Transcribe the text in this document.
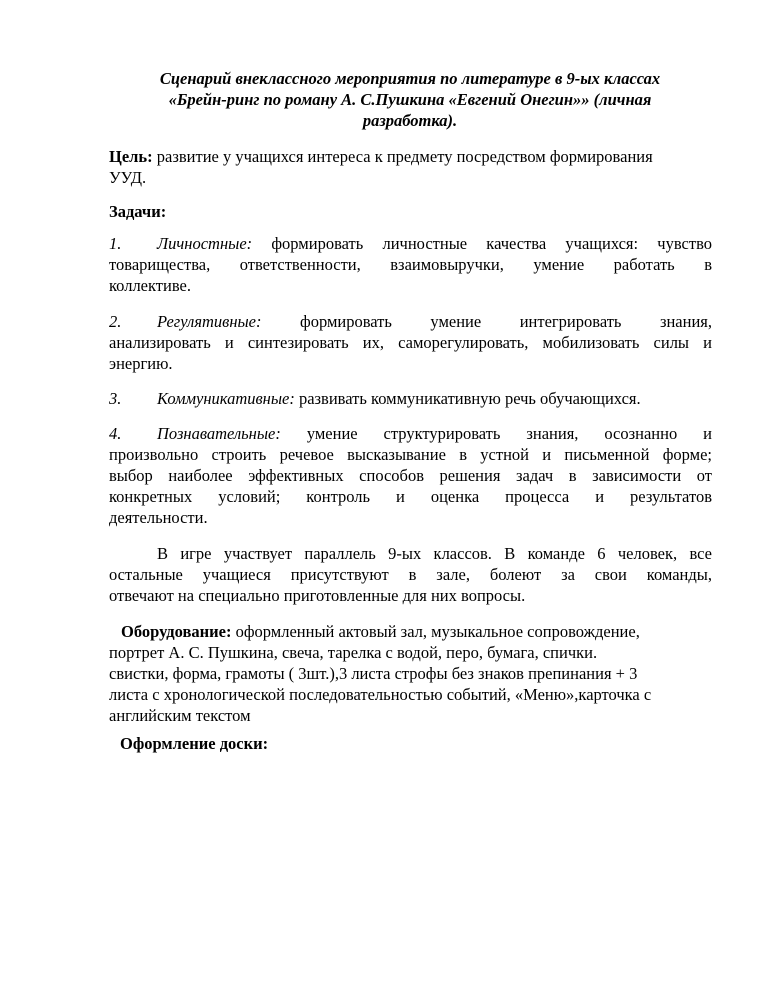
Сценарий внеклассного мероприятия по литературе в 9-ых классах
«Брейн-ринг по роману А. С.Пушкина «Евгений Онегин»» (личная
разработка).
Цель: развитие у учащихся интереса к предмету посредством формирования
УУД.
Задачи:
1. Личностные: формировать личностные качества учащихся: чувство
товарищества, ответственности, взаимовыручки, умение работать в
коллективе.
2. Регулятивные: формировать умение интегрировать знания,
анализировать и синтезировать их, саморегулировать, мобилизовать силы и
энергию.
3. Коммуникативные: развивать коммуникативную речь обучающихся.
4. Познавательные: умение структурировать знания, осознанно и
произвольно строить речевое высказывание в устной и письменной форме;
выбор наиболее эффективных способов решения задач в зависимости от
конкретных условий; контроль и оценка процесса и результатов
деятельности.
В игре участвует параллель 9-ых классов. В команде 6 человек, все
остальные учащиеся присутствуют в зале, болеют за свои команды,
отвечают на специально приготовленные для них вопросы.
Оборудование: оформленный актовый зал, музыкальное сопровождение,
портрет А. С. Пушкина, свеча, тарелка с водой, перо, бумага, спички.
свистки, форма, грамоты ( 3шт.),3 листа строфы без знаков препинания + 3
листа с хронологической последовательностью событий, «Меню»,карточка с
английским текстом
Оформление доски:
